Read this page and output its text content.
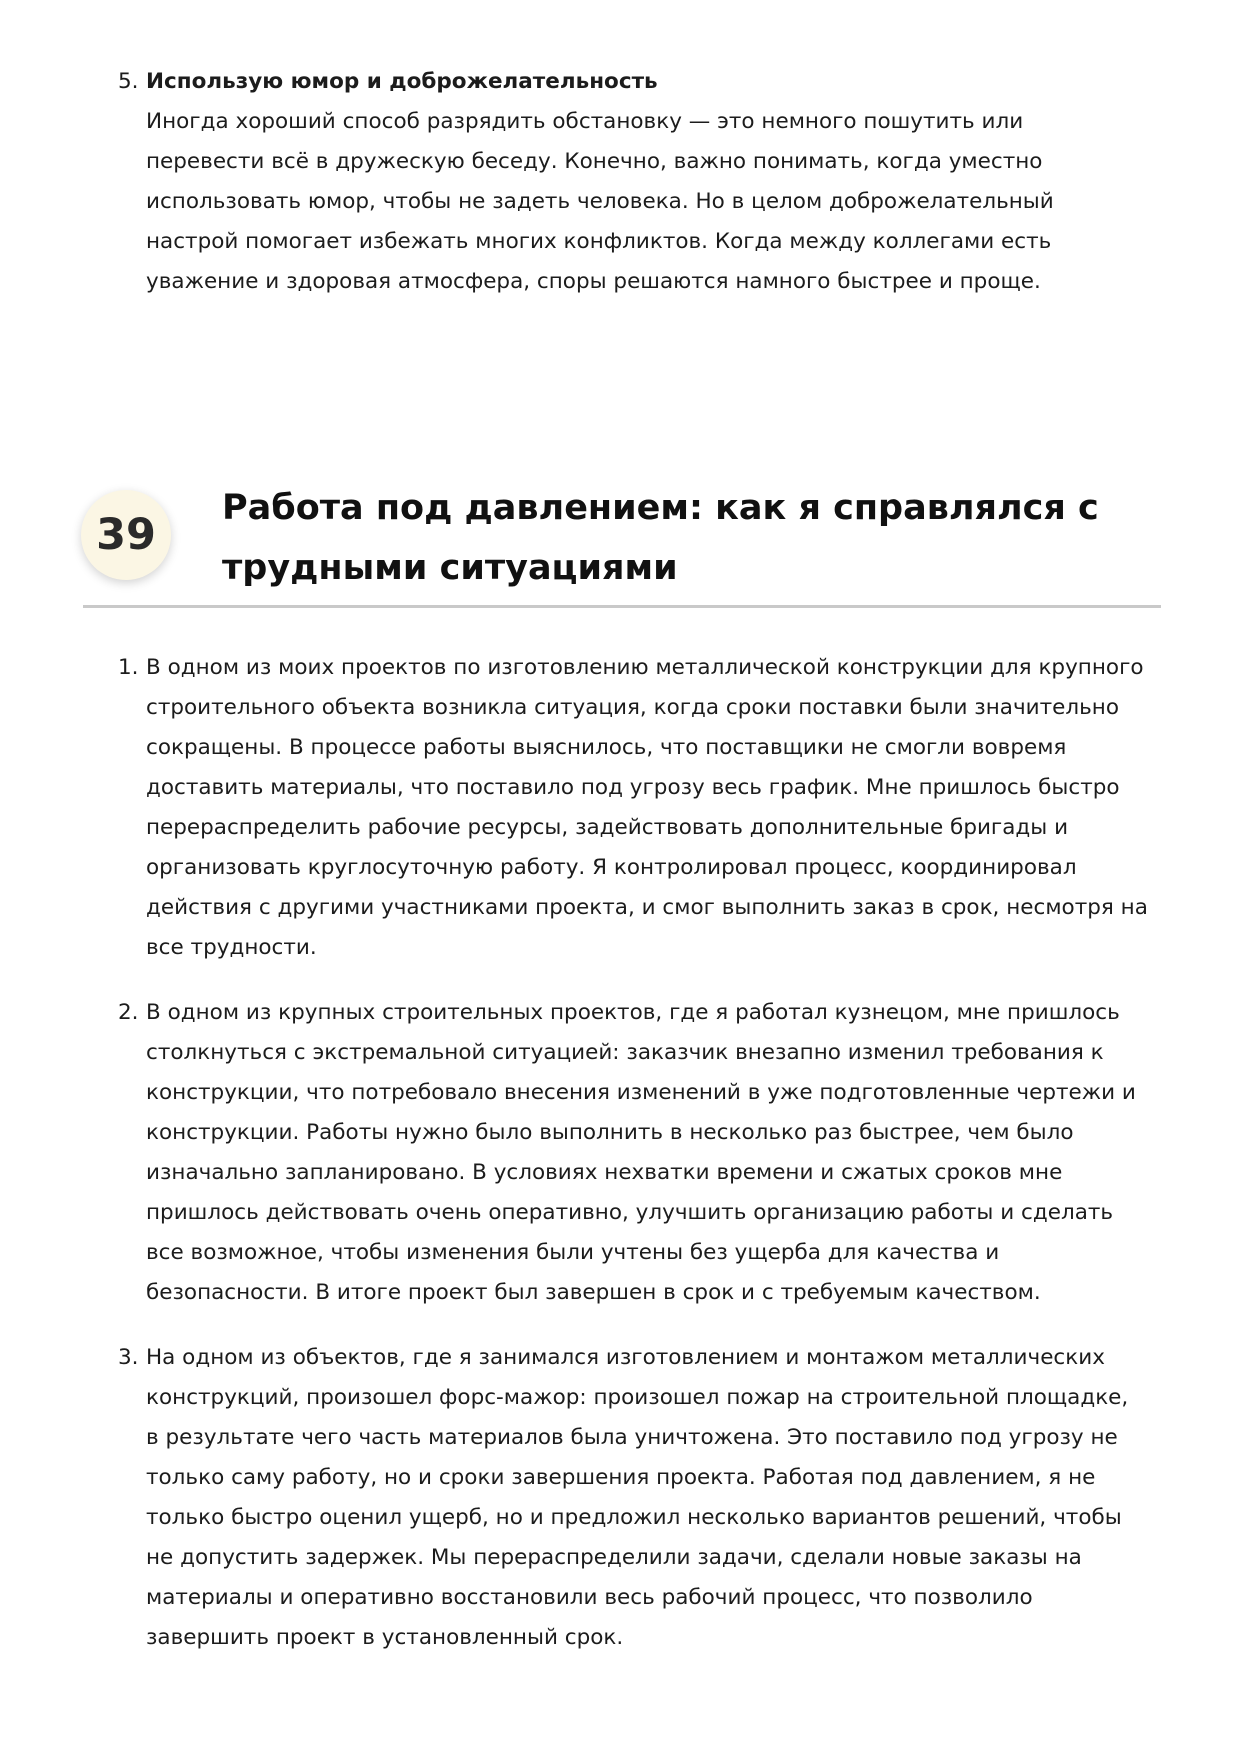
5. Использую юмор и доброжелательность
Иногда хороший способ разрядить обстановку — это немного пошутить или
перевести всё в дружескую беседу. Конечно, важно понимать, когда уместно
использовать юмор, чтобы не задеть человека. Но в целом доброжелательный
настрой помогает избежать многих конфликтов. Когда между коллегами есть
уважение и здоровая атмосфера, споры решаются намного быстрее и проще.
39
Работа под давлением: как я справлялся с
трудными ситуациями
1. В одном из моих проектов по изготовлению металлической конструкции для крупного
строительного объекта возникла ситуация, когда сроки поставки были значительно
сокращены. В процессе работы выяснилось, что поставщики не смогли вовремя
доставить материалы, что поставило под угрозу весь график. Мне пришлось быстро
перераспределить рабочие ресурсы, задействовать дополнительные бригады и
организовать круглосуточную работу. Я контролировал процесс, координировал
действия с другими участниками проекта, и смог выполнить заказ в срок, несмотря на
все трудности.
2. В одном из крупных строительных проектов, где я работал кузнецом, мне пришлось
столкнуться с экстремальной ситуацией: заказчик внезапно изменил требования к
конструкции, что потребовало внесения изменений в уже подготовленные чертежи и
конструкции. Работы нужно было выполнить в несколько раз быстрее, чем было
изначально запланировано. В условиях нехватки времени и сжатых сроков мне
пришлось действовать очень оперативно, улучшить организацию работы и сделать
все возможное, чтобы изменения были учтены без ущерба для качества и
безопасности. В итоге проект был завершен в срок и с требуемым качеством.
3. На одном из объектов, где я занимался изготовлением и монтажом металлических
конструкций, произошел форс-мажор: произошел пожар на строительной площадке,
в результате чего часть материалов была уничтожена. Это поставило под угрозу не
только саму работу, но и сроки завершения проекта. Работая под давлением, я не
только быстро оценил ущерб, но и предложил несколько вариантов решений, чтобы
не допустить задержек. Мы перераспределили задачи, сделали новые заказы на
материалы и оперативно восстановили весь рабочий процесс, что позволило
завершить проект в установленный срок.
